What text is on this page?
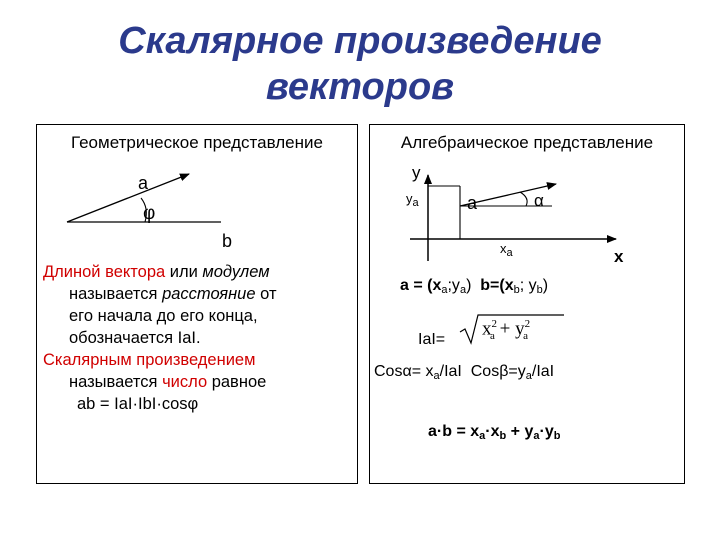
Скалярное произведение
векторов
Геометрическое представление
a
φ
b

Длиной вектора или модулем

называется расстояние от

его начала до его конца,

обозначается IaI.

Скалярным произведением

называется число равное

ab = IaI·IbI·cosφ

Алгебраическое представление
y
$y_a$	a	α
$x_a$	x
$a = (x_a;y_a)$ $b=(x_b$; $y_b$)
IaI=
$x^2_a + y^2_a$
$Cos\alpha= x_a$/IaI $Cos\beta=y_a$/IaI
$a\cdot b = x_a\cdot x_b + y_a\cdot y_b$
